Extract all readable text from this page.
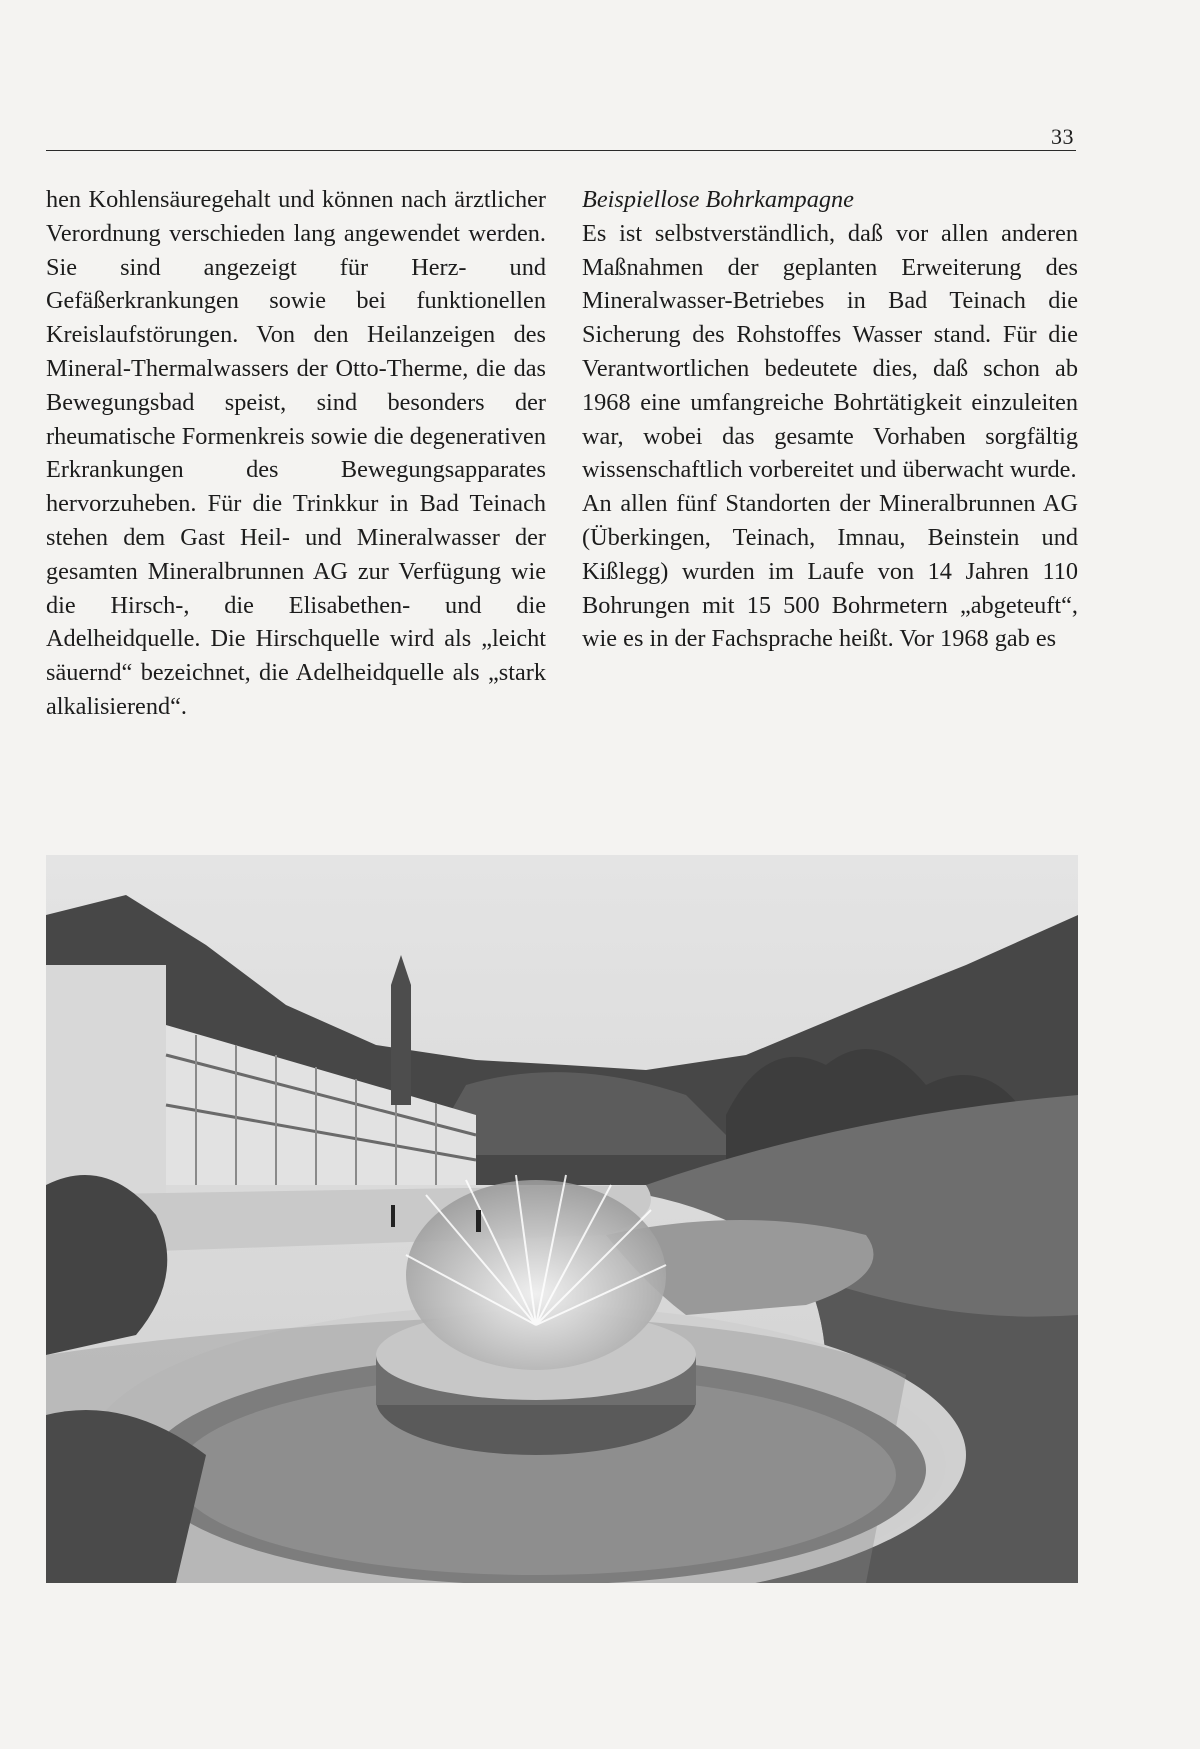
33

hen Kohlensäuregehalt und können nach ärztlicher Verordnung verschieden lang angewendet werden. Sie sind angezeigt für Herz- und Gefäßerkrankungen sowie bei funktionellen Kreislaufstörungen. Von den Heilanzeigen des Mineral-Thermalwassers der Otto-Therme, die das Bewegungsbad speist, sind besonders der rheumatische Formenkreis sowie die degenerativen Erkrankungen des Bewegungsapparates hervorzuheben. Für die Trinkkur in Bad Teinach stehen dem Gast Heil- und Mineralwasser der gesamten Mineralbrunnen AG zur Verfügung wie die Hirsch-, die Elisabethen- und die Adelheidquelle. Die Hirschquelle wird als „leicht säuernd“ bezeichnet, die Adelheidquelle als „stark alkalisierend“.

Beispiellose Bohrkampagne

Es ist selbstverständlich, daß vor allen anderen Maßnahmen der geplanten Erweiterung des Mineralwasser-Betriebes in Bad Teinach die Sicherung des Rohstoffes Wasser stand. Für die Verantwortlichen bedeutete dies, daß schon ab 1968 eine umfangreiche Bohrtätigkeit einzuleiten war, wobei das gesamte Vorhaben sorgfältig wissenschaftlich vorbereitet und überwacht wurde.

An allen fünf Standorten der Mineralbrunnen AG (Überkingen, Teinach, Imnau, Beinstein und Kißlegg) wurden im Laufe von 14 Jahren 110 Bohrungen mit 15 500 Bohrmetern „abgeteuft“, wie es in der Fachsprache heißt. Vor 1968 gab es
